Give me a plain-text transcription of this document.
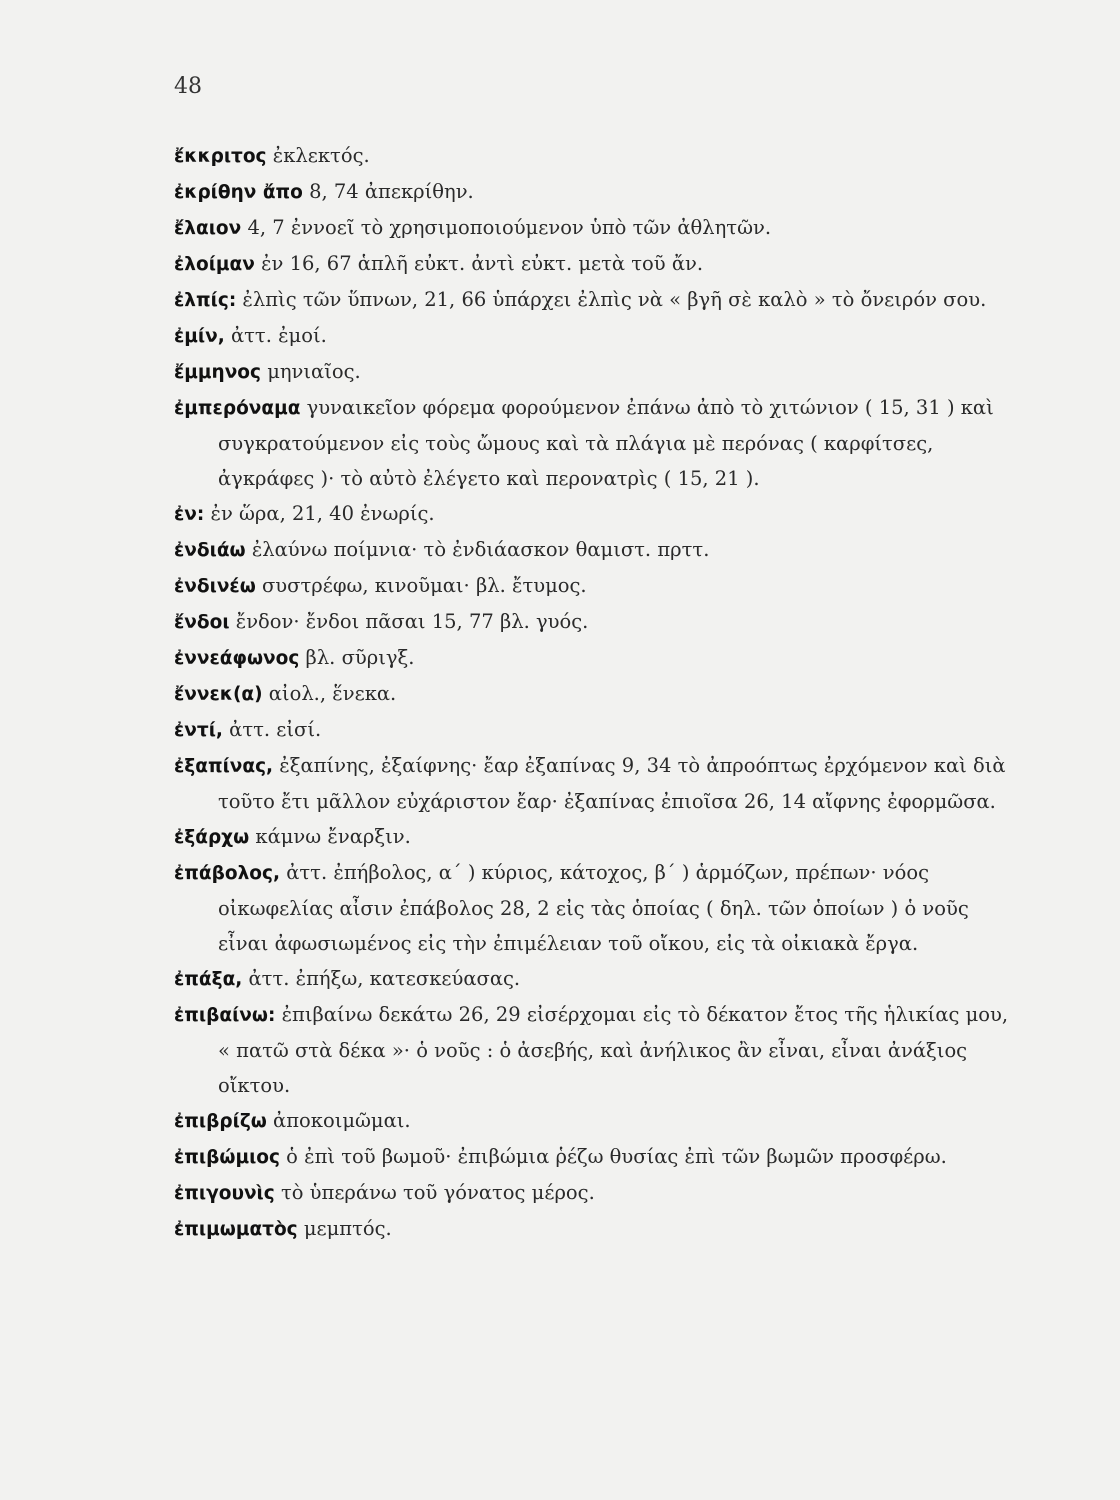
48
ἔκκριτος ἐκλεκτός.
ἐκρίθην ἄπο 8, 74 ἀπεκρίθην.
ἔλαιον 4, 7 ἐννοεῖ τὸ χρησιμοποιούμενον ὑπὸ τῶν ἀθλητῶν.
ἐλοίμαν ἐν 16, 67 ἁπλῆ εὐκτ. ἀντὶ εὐκτ. μετὰ τοῦ ἄν.
ἐλπίς: ἐλπὶς τῶν ὕπνων, 21, 66 ὑπάρχει ἐλπὶς νὰ « βγῆ σὲ καλὸ » τὸ ὄνειρόν σου.
ἐμίν, ἀττ. ἐμοί.
ἔμμηνος μηνιαῖος.
ἐμπερόναμα γυναικεῖον φόρεμα φορούμενον ἐπάνω ἀπὸ τὸ χιτώνιον ( 15, 31 ) καὶ συγκρατούμενον εἰς τοὺς ὤμους καὶ τὰ πλάγια μὲ περόνας ( καρφίτσες, ἀγκράφες )· τὸ αὐτὸ ἐλέγετο καὶ περονατρὶς ( 15, 21 ).
ἐν: ἐν ὥρα, 21, 40 ἐνωρίς.
ἐνδιάω ἐλαύνω ποίμνια· τὸ ἐνδιάασκον θαμιστ. πρττ.
ἐνδινέω συστρέφω, κινοῦμαι· βλ. ἔτυμος.
ἔνδοι ἔνδον· ἔνδοι πᾶσαι 15, 77 βλ. γυός.
ἐννεάφωνος βλ. σῦριγξ.
ἔννεκ(α) αἰολ., ἕνεκα.
ἐντί, ἀττ. εἰσί.
ἐξαπίνας, ἐξαπίνης, ἐξαίφνης· ἔαρ ἐξαπίνας 9, 34 τὸ ἀπροόπτως ἐρχόμενον καὶ διὰ τοῦτο ἔτι μᾶλλον εὐχάριστον ἔαρ· ἐξαπίνας ἐπιοῖσα 26, 14 αἴφνης ἐφορμῶσα.
ἐξάρχω κάμνω ἔναρξιν.
ἐπάβολος, ἀττ. ἐπήβολος, α΄ ) κύριος, κάτοχος, β΄ ) ἁρμόζων, πρέπων· νόος οἰκωφελίας αἶσιν ἐπάβολος 28, 2 εἰς τὰς ὁποίας ( δηλ. τῶν ὁποίων ) ὁ νοῦς εἶναι ἀφωσιωμένος εἰς τὴν ἐπιμέλειαν τοῦ οἴκου, εἰς τὰ οἰκιακὰ ἔργα.
ἐπάξα, ἀττ. ἐπήξω, κατεσκεύασας.
ἐπιβαίνω: ἐπιβαίνω δεκάτω 26, 29 εἰσέρχομαι εἰς τὸ δέκατον ἔτος τῆς ἡλικίας μου, « πατῶ στὰ δέκα »· ὁ νοῦς : ὁ ἀσεβής, καὶ ἀνήλικος ἂν εἶναι, εἶναι ἀνάξιος οἴκτου.
ἐπιβρίζω ἀποκοιμῶμαι.
ἐπιβώμιος ὁ ἐπὶ τοῦ βωμοῦ· ἐπιβώμια ῥέζω θυσίας ἐπὶ τῶν βωμῶν προσφέρω.
ἐπιγουνὶς τὸ ὑπεράνω τοῦ γόνατος μέρος.
ἐπιμωματὸς μεμπτός.
